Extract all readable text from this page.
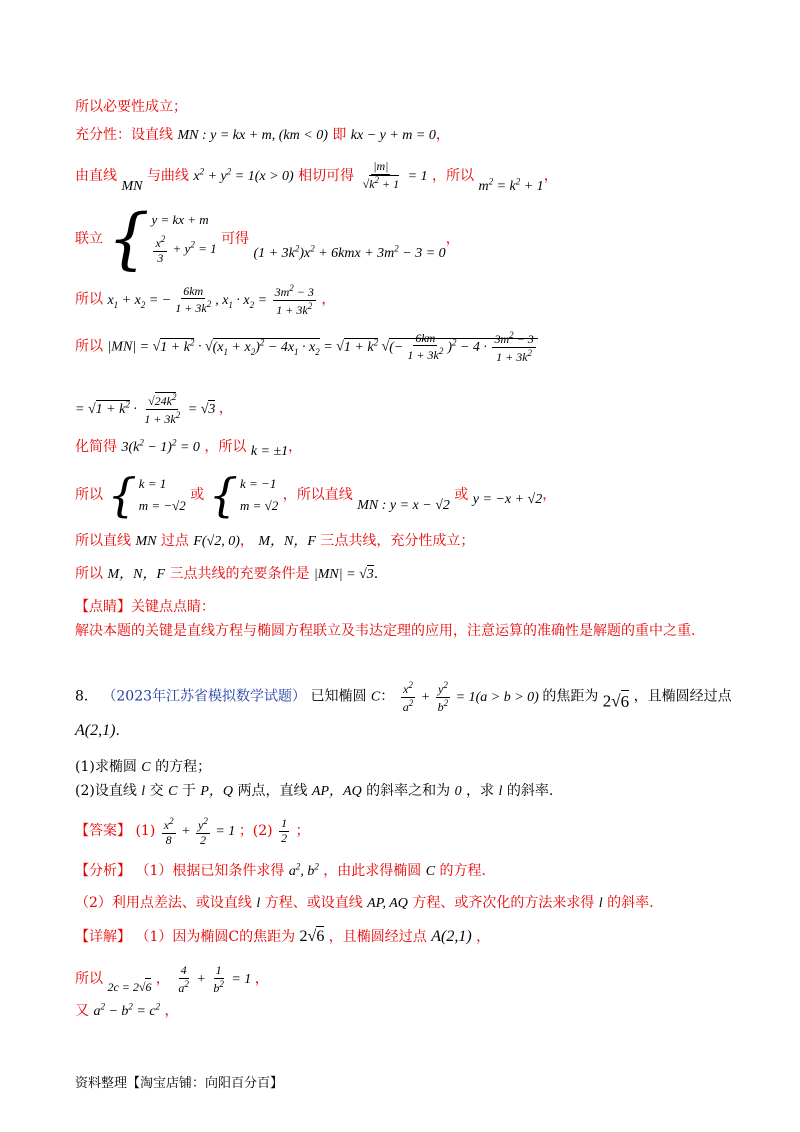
所以必要性成立；
充分性：设直线 MN : y = kx + m, (km < 0) 即 kx − y + m = 0，
由直线 MN 与曲线 $x^2 + y^2 = 1(x > 0)$ 相切可得 $\frac{|m|}{√k^2 + 1} = 1$ ，所以 $m^2 = k^2 + 1$，
联立 { y = kx + m
$\frac{x^2}{3} + y^2 = 1$
可得 $(1 + 3k^2)x^2 + 6kmx + 3m^2 - 3 = 0$，
所以 $x_1 + x_2$ = − $\frac{6km}{1 + 3k^2}$ , $x_1 \cdot x_2 = \frac{3m^2 - 3}{1 + 3k^2}$ ，
所以 $|MN| = √1 + k^2 \cdot √(x_1 + x_2)^2 - 4x_1 \cdot x_2 = √1 + k^2$ √(− $\frac{6km}{1 + 3k^2} )^2 - 4 \cdot \frac{3m^2 - 3}{1 + 3k^2}$
= $√1 + k^2 \cdot \frac{√24k^2}{1 + 3k^2} = √3$ ，
化简得 $3(k^2 - 1)^2 = 0$ ，所以 k = ±1，
所以 { k = 1
m = −√2
或 { k = −1
m = √2
，所以直线 MN : y = x − √2 或 y = −x + √2，
所以直线 MN 过点 F(√2, 0)， M，N，F 三点共线，充分性成立；
所以 M，N，F 三点共线的充要条件是 |MN| = √3.
【点睛】关键点点睛：
解决本题的关键是直线方程与椭圆方程联立及韦达定理的应用，注意运算的准确性是解题的重中之重.
8． （2023年江苏省模拟数学试题） 已知椭圆 C： $\frac{x^2}{a^2} + \frac{y^2}{b^2} = 1(a > b > 0)$ 的焦距为 2√6 ，且椭圆经过点
A(2,1).
(1)求椭圆 C 的方程；
(2)设直线 l 交 C 于 P，Q 两点，直线 AP，AQ 的斜率之和为 0 ，求 l 的斜率.
【答案】 $(1) \frac{x^2}{8} + \frac{y^2}{2} = 1$ ；$(2) \frac{1}{2}$ ；
【分析】 （1）根据已知条件求得 $a^2$, $b^2$ ，由此求得椭圆 C 的方程.
（2）利用点差法、或设直线 l 方程、或设直线 AP, AQ 方程、或齐次化的方法来求得 l 的斜率.
【详解】 （1）因为椭圆C的焦距为 2√6 ，且椭圆经过点 A(2,1) ，
所以 2c = 2√6 ， $\frac{4}{a^2} + \frac{1}{b^2} = 1$ ，
又 $a^2 - b^2 = c^2$ ，
资料整理【淘宝店铺：向阳百分百】
